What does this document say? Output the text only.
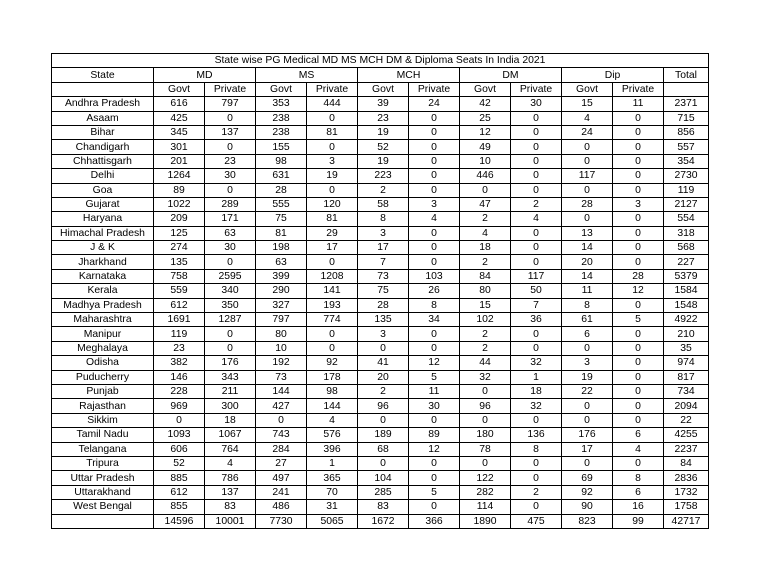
State wise PG Medical MD MS MCH DM & Diploma Seats In India 2021											
State	MD		MS		MCH		DM		Dip		Total
	Govt	Private	Govt	Private	Govt	Private	Govt	Private	Govt	Private	
Andhra Pradesh	616	797	353	444	39	24	42	30	15	11	2371
Asaam	425	0	238	0	23	0	25	0	4	0	715
Bihar	345	137	238	81	19	0	12	0	24	0	856
Chandigarh	301	0	155	0	52	0	49	0	0	0	557
Chhattisgarh	201	23	98	3	19	0	10	0	0	0	354
Delhi	1264	30	631	19	223	0	446	0	117	0	2730
Goa	89	0	28	0	2	0	0	0	0	0	119
Gujarat	1022	289	555	120	58	3	47	2	28	3	2127
Haryana	209	171	75	81	8	4	2	4	0	0	554
Himachal Pradesh	125	63	81	29	3	0	4	0	13	0	318
J & K	274	30	198	17	17	0	18	0	14	0	568
Jharkhand	135	0	63	0	7	0	2	0	20	0	227
Karnataka	758	2595	399	1208	73	103	84	117	14	28	5379
Kerala	559	340	290	141	75	26	80	50	11	12	1584
Madhya Pradesh	612	350	327	193	28	8	15	7	8	0	1548
Maharashtra	1691	1287	797	774	135	34	102	36	61	5	4922
Manipur	119	0	80	0	3	0	2	0	6	0	210
Meghalaya	23	0	10	0	0	0	2	0	0	0	35
Odisha	382	176	192	92	41	12	44	32	3	0	974
Puducherry	146	343	73	178	20	5	32	1	19	0	817
Punjab	228	211	144	98	2	11	0	18	22	0	734
Rajasthan	969	300	427	144	96	30	96	32	0	0	2094
Sikkim	0	18	0	4	0	0	0	0	0	0	22
Tamil Nadu	1093	1067	743	576	189	89	180	136	176	6	4255
Telangana	606	764	284	396	68	12	78	8	17	4	2237
Tripura	52	4	27	1	0	0	0	0	0	0	84
Uttar Pradesh	885	786	497	365	104	0	122	0	69	8	2836
Uttarakhand	612	137	241	70	285	5	282	2	92	6	1732
West Bengal	855	83	486	31	83	0	114	0	90	16	1758
	14596	10001	7730	5065	1672	366	1890	475	823	99	42717
